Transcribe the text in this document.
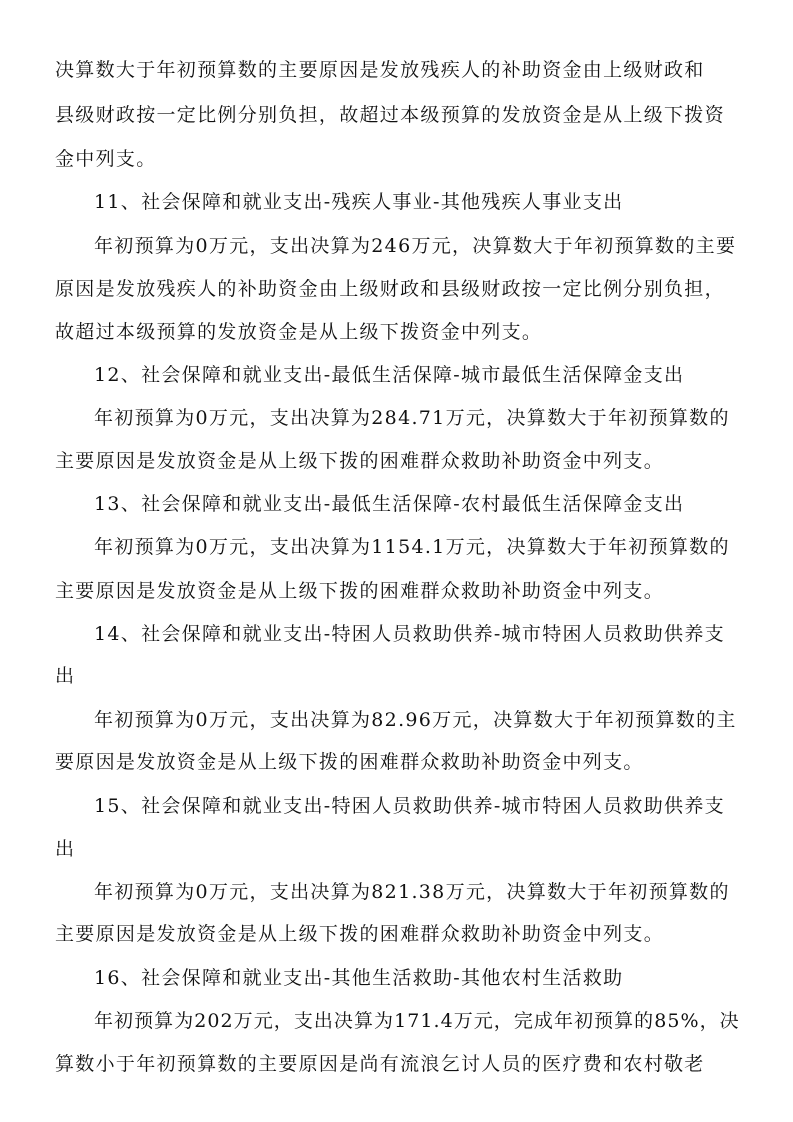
决算数大于年初预算数的主要原因是发放残疾人的补助资金由上级财政和
县级财政按一定比例分别负担，故超过本级预算的发放资金是从上级下拨资
金中列支。
11、社会保障和就业支出-残疾人事业-其他残疾人事业支出
年初预算为0万元，支出决算为246万元，决算数大于年初预算数的主要
原因是发放残疾人的补助资金由上级财政和县级财政按一定比例分别负担，
故超过本级预算的发放资金是从上级下拨资金中列支。
12、社会保障和就业支出-最低生活保障-城市最低生活保障金支出
年初预算为0万元，支出决算为284.71万元，决算数大于年初预算数的
主要原因是发放资金是从上级下拨的困难群众救助补助资金中列支。
13、社会保障和就业支出-最低生活保障-农村最低生活保障金支出
年初预算为0万元，支出决算为1154.1万元，决算数大于年初预算数的
主要原因是发放资金是从上级下拨的困难群众救助补助资金中列支。
14、社会保障和就业支出-特困人员救助供养-城市特困人员救助供养支
出
年初预算为0万元，支出决算为82.96万元，决算数大于年初预算数的主
要原因是发放资金是从上级下拨的困难群众救助补助资金中列支。
15、社会保障和就业支出-特困人员救助供养-城市特困人员救助供养支
出
年初预算为0万元，支出决算为821.38万元，决算数大于年初预算数的
主要原因是发放资金是从上级下拨的困难群众救助补助资金中列支。
16、社会保障和就业支出-其他生活救助-其他农村生活救助
年初预算为202万元，支出决算为171.4万元，完成年初预算的85%，决
算数小于年初预算数的主要原因是尚有流浪乞讨人员的医疗费和农村敬老
